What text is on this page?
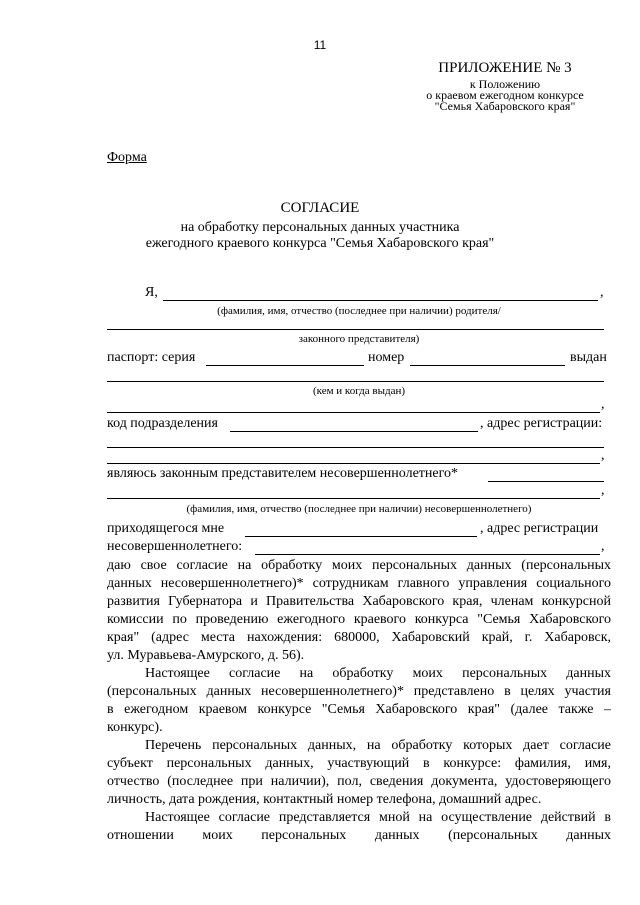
11
ПРИЛОЖЕНИЕ № 3
к Положению
о краевом ежегодном конкурсе
"Семья Хабаровского края"
Форма
СОГЛАСИЕ
на обработку персональных данных участника
ежегодного краевого конкурса "Семья Хабаровского края"
Я,	,
(фамилия, имя, отчество (последнее при наличии) родителя/
законного представителя)
паспорт: серия	номер	выдан
(кем и когда выдан)
,
код подразделения	, адрес регистрации:
,
являюсь законным представителем несовершеннолетнего*
,
(фамилия, имя, отчество (последнее при наличии) несовершеннолетнего)
приходящегося мне	, адрес регистрации
несовершеннолетнего:	,
даю свое согласие на обработку моих персональных данных (персональных
данных несовершеннолетнего)* сотрудникам главного управления социального
развития Губернатора и Правительства Хабаровского края, членам конкурсной
комиссии по проведению ежегодного краевого конкурса "Семья Хабаровского
края" (адрес места нахождения: 680000, Хабаровский край, г. Хабаровск,
ул. Муравьева-Амурского, д. 56).
Настоящее согласие на обработку моих персональных данных
(персональных данных несовершеннолетнего)* представлено в целях участия
в ежегодном краевом конкурсе "Семья Хабаровского края" (далее также –
конкурс).
Перечень персональных данных, на обработку которых дает согласие
субъект персональных данных, участвующий в конкурсе: фамилия, имя,
отчество (последнее при наличии), пол, сведения документа, удостоверяющего
личность, дата рождения, контактный номер телефона, домашний адрес.
Настоящее согласие представляется мной на осуществление действий в
отношении моих персональных данных (персональных данных
